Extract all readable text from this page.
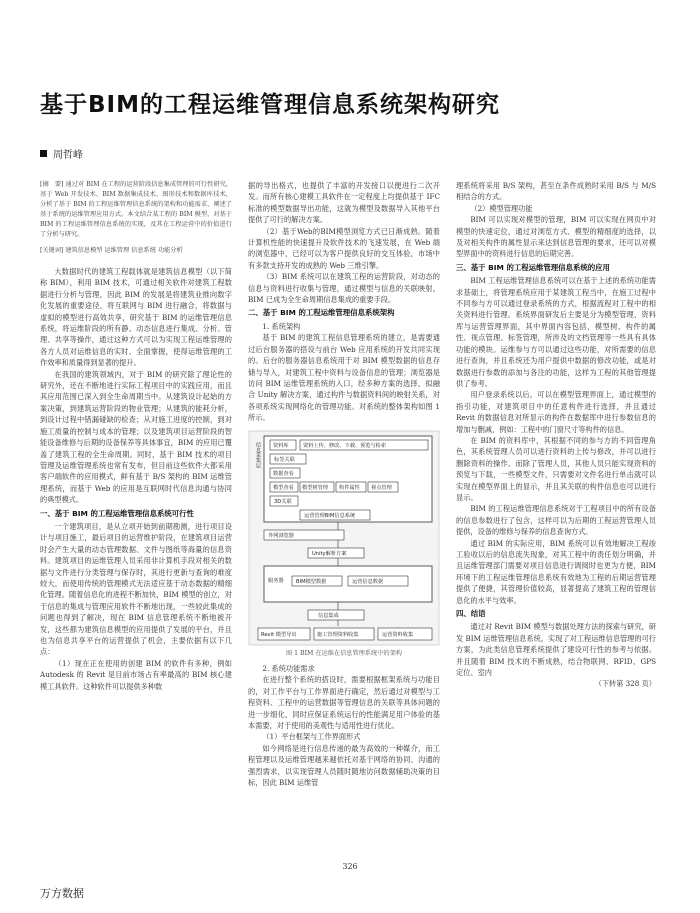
基于BIM的工程运维管理信息系统架构研究
周哲峰

[摘　要] 通过对 BIM 在工程的运营阶段信息集成管理的可行性研究，基于 Web 开发技术、BIM 数据集成技术、图形技术和数据库技术，分析了基于 BIM 的工程运维管理信息系统的架构和功能需求，阐述了基于系统的运维管理应用方式。本文结合某工程的 BIM 模型，对基于 BIM 的工程运维管理信息系统的实现，及其在工程运营中的价值进行了分析与研究。

[关键词] 建筑信息模型 运维管理 信息系统 功能分析

大数据时代的建筑工程载体就是建筑信息模型（以下简称 BIM），利用 BIM 技术，可通过相关软件对建筑工程数据进行分析与管理，因此 BIM 的发展是将建筑业推向数字化发展的重要途径，将互联网与 BIM 进行融合，将数据与虚拟的模型进行高效共享，研究基于 BIM 的运维管理信息系统，将运维阶段的所有静、动态信息进行集成、分析、管理、共享等操作，通过这种方式可以为实现工程运维管理的各方人员对运维信息的实时、全面掌握，使得运维管理的工作效率和质量得到显著的提升。

在我国的建筑领域内，对于 BIM 的研究除了理论性的研究外，还在不断地进行实际工程项目中的实践应用，而且其应用范围已深入到全生命周期当中。从建筑设计起始的方案决策，到建筑运营阶段的物业管理；从建筑的能耗分析，到设计过程中错漏碰缺的检查；从对施工进度的控制，到对施工质量的控制与成本的管理；以及建筑项目运营阶段的智能设备维修与后期的设备保养等具体事宜，BIM 的应用已覆盖了建筑工程的全生命周期。同时，基于 BIM 技术的项目管理及运维管理系统也常有发布，但目前这些软件大都采用客户端软件的应用模式，鲜有基于 B/S 架构的 BIM 运维管理系统，而基于 Web 的应用是互联网时代信息沟通与协同的典型模式。

一、基于 BIM 的工程运维管理信息系统可行性

一个建筑项目，是从立项开始到前期勘测，进行项目设计与项目施工，最后项目的运营维护阶段，在建筑项目运营时会产生大量的动态管理数据、文件与图纸等海量的信息资料。建筑项目的运维管理人员采用非计算机手段对相关的数据与文件进行分类管理与保存时，其进行更新与查询的难度较大，而使用传统的管理模式无法适应基于动态数据的精细化管理。随着信息化的进程不断加快，BIM 模型的创立，对于信息的集成与管理应用软件不断地出现，一些较此集成的问题也得到了解决，现在 BIM 信息管理系统不断地被开发，这些都为建筑信息模型的应用提供了发展的平台，并且也为信息共享平台的运营提供了机会，主要依据有以下几点：

（1）现在正在使用的创建 BIM 的软件有多种，例如 Autodesk 的 Revit 是目前市场占有率最高的 BIM 核心建模工具软件。这种软件可以提供多种数

据的导出格式，也提供了丰富的开发接口以便进行二次开发。而所有核心建模工具软件在一定程度上均提供基于 IFC 标准的模型数据导出功能，这就为模型及数据导入其他平台提供了可行的解决方案。

（2）基于Web的BIM模型浏览方式已日渐成熟。随着计算机性能的快速提升及软件技术的飞速发展，在 Web 端的浏览器中，已经可以为客户提供良好的交互体验，市场中有多款支持开发的成熟的 Web 三维引擎。

（3）BIM 系统可以在建筑工程的运营阶段，对动态的信息与资料进行收集与管理，通过模型与信息的关联映射，BIM 已成为全生命周期信息集成的重要手段。

二、基于 BIM 的工程运维管理信息系统架构

1. 系统架构

基于 BIM 的建筑工程信息管理系统的建立，是需要通过后台服务器的搭设与前台 Web 应用系统的开发共同实现的。后台的服务器信息系统用于对 BIM 模型数据的信息存储与导入，对建筑工程中资料与设备信息的管理；浏览器是访问 BIM 运维管理系统的入口，经多种方案的选择，拟融合 Unity 解决方案，通过构件与数据资料间的映射关系，对各项系统实现网络化的管理功能。对系统的整体架构如图 1 所示。

信息采集层 资料库	资料上传、修改、下载、预览与检索
标签关联
数据查看
模型查看 模型树管理 构件属性 视点管理
3D关联
运营管理BIM信息系统
外网浏览器
Unity解析方案
服务器 BIM模型数据	运营信息数据
信息集成
Revit 模型导出	施工管理资料收集	运营资料收集
图 1 BIM 在运维在信息管理系统中的架构

2. 系统功能需求

在进行整个系统的搭设时，需要根据框架系统与功能目的，对工作平台与工作界面进行确定，然后通过对模型与工程资料、工程中的运营数据等管理信息的关联等具体问题的进一步细化，同时应保证系统运行的性能满足用户体验的基本需要，对于使用的美观性与适用性进行优化。

（1）平台框架与工作界面形式

如今网络是进行信息传递的最为高效的一种媒介，而工程管理以及运维管理越来越依托对基于网络的协同、沟通的强烈需求，以实现管理人员随时随地访问数据辅助决策的目标，因此 BIM 运维管

理系统将采用 B/S 架构，甚至在条件成熟时采用 B/S 与 M/S 相结合的方式。

（2）模型管理功能

BIM 可以实现对模型的管理，BIM 可以实现在网页中对模型的快速定位，通过对浏览方式、模型的精细度的选择，以及对相关构件的属性显示来达到信息管理的要求，还可以对模型界面中的资料进行信息的后期完善。

三、基于 BIM 的工程运维管理信息系统的应用

BIM 工程运维管理信息系统可以在基于上述的系统功能需求基础上，将管理系统应用于某建筑工程当中，在施工过程中不同参与方可以通过登录系统的方式，根据流程对工程中的相关资料进行管理。系统界面研发后主要是分为模型管理、资料库与运营管理界面，其中界面内容包括，模型树、构件的属性、视点管理、标签管理，所涉及的文档管理等一些具有具体功能的模块。运维参与方可以通过这些功能，对所需要的信息进行查询，并且系统还为用户提供中数据的修改功能，或是对数据进行参数的添加与各注的功能，这样为工程的其他管理提供了参考。

用户登录系统以后，可以在模型管理界面上，通过模型的指引功能，对建筑项目中的任意构件进行选择，并且通过 Revit 的数据信息对所显示的构件在数据库中进行参数信息的增加与删减，例如：工程中的门窗尺寸等构件的信息。

在 BIM 的资料库中，其根据不同的参与方的不同管理角色，其系统管理人员可以进行资料的上传与修改，并可以进行删除资料的操作。而除了管理人员，其他人员只能实现资料的预览与下载，一些模型文件，只需要对文件名进行单击就可以实现在模型界面上的显示，并且其关联的构件信息也可以进行显示。

BIM 的工程运维管理信息系统对于工程项目中的所有设备的信息参数进行了包含，这样可以为后期的工程运营管理人员提供，设备的维修与保养的信息查询方式。

通过 BIM 的实际应用，BIM 系统可以有效地解决工程竣工验收以后的信息流失现象，对其工程中的责任划分明确，并且运维管理部门需要对项目信息进行调阅时也更为方便，BIM 环境下的工程运维管理信息系统有效地为工程的后期运营管理提供了便捷，其管理价值较高，显著提高了建筑工程的管理信息化的水平与效率。

四、结语

通过对 Revit BIM 模型与数据处理方法的探索与研究，研发 BIM 运维管理信息系统，实现了对工程运维信息管理的可行方案，为此类信息管理系统提供了建设可行性的参考与依据。并且随着 BIM 技术的不断成熟，结合物联网、RFID、GPS 定位、室内

（下转第 328 页）

326
万方数据
